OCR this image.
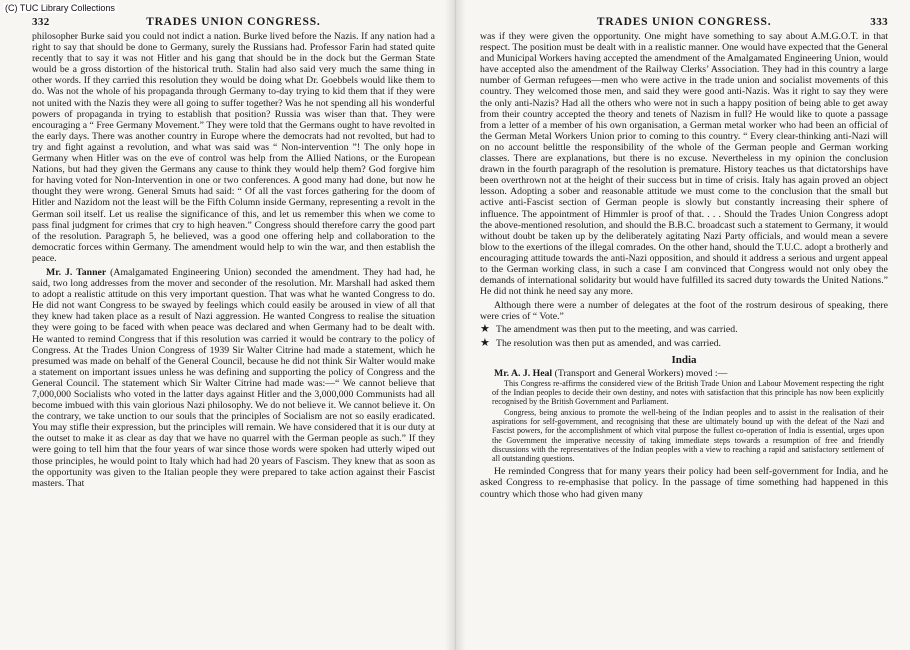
332	TRADES UNION CONGRESS.

philosopher Burke said you could not indict a nation. Burke lived before the Nazis. If any nation had a right to say that should be done to Germany, surely the Russians had. Professor Farin had stated quite recently that to say it was not Hitler and his gang that should be in the dock but the German State would be a gross distortion of the historical truth. Stalin had also said very much the same thing in other words. If they carried this resolution they would be doing what Dr. Goebbels would like them to do. Was not the whole of his propaganda through Germany to-day trying to kid them that if they were not united with the Nazis they were all going to suffer together? Was he not spending all his wonderful powers of propaganda in trying to establish that position? Russia was wiser than that. They were encouraging a “ Free Germany Movement.” They were told that the Germans ought to have revolted in the early days. There was another country in Europe where the democrats had not revolted, but had to try and fight against a revolution, and what was said was “ Non-intervention ”! The only hope in Germany when Hitler was on the eve of control was help from the Allied Nations, or the European Nations, but had they given the Germans any cause to think they would help them? God forgive him for having voted for Non-Intervention in one or two conferences. A good many had done, but now he thought they were wrong. General Smuts had said: “ Of all the vast forces gathering for the doom of Hitler and Nazidom not the least will be the Fifth Column inside Germany, representing a revolt in the German soil itself. Let us realise the significance of this, and let us remember this when we come to pass final judgment for crimes that cry to high heaven.” Congress should therefore carry the good part of the resolution. Paragraph 5, he believed, was a good one offering help and collaboration to the democratic forces within Germany. The amendment would help to win the war, and then establish the peace.

Mr. J. Tanner (Amalgamated Engineering Union) seconded the amendment. They had had, he said, two long addresses from the mover and seconder of the resolution. Mr. Marshall had asked them to adopt a realistic attitude on this very important question. That was what he wanted Congress to do. He did not want Congress to be swayed by feelings which could easily be aroused in view of all that they knew had taken place as a result of Nazi aggression. He wanted Congress to realise the situation they were going to be faced with when peace was declared and when Germany had to be dealt with. He wanted to remind Congress that if this resolution was carried it would be contrary to the policy of Congress. At the Trades Union Congress of 1939 Sir Walter Citrine had made a statement, which he presumed was made on behalf of the General Council, because he did not think Sir Walter would make a statement on important issues unless he was defining and supporting the policy of Congress and the General Council. The statement which Sir Walter Citrine had made was:—“ We cannot believe that 7,000,000 Socialists who voted in the latter days against Hitler and the 3,000,000 Communists had all become imbued with this vain glorious Nazi philosophy. We do not believe it. We cannot believe it. On the contrary, we take unction to our souls that the principles of Socialism are not so easily eradicated. You may stifle their expression, but the principles will remain. We have considered that it is our duty at the outset to make it as clear as day that we have no quarrel with the German people as such.” If they were going to tell him that the four years of war since those words were spoken had utterly wiped out those principles, he would point to Italy which had had 20 years of Fascism. They knew that as soon as the opportunity was given to the Italian people they were prepared to take action against their Fascist masters. That

TRADES UNION CONGRESS.	333

was if they were given the opportunity. One might have something to say about A.M.G.O.T. in that respect. The position must be dealt with in a realistic manner. One would have expected that the General and Municipal Workers having accepted the amendment of the Amalgamated Engineering Union, would have accepted also the amendment of the Railway Clerks’ Association. They had in this country a large number of German refugees—men who were active in the trade union and socialist movements of this country. They welcomed those men, and said they were good anti-Nazis. Was it right to say they were the only anti-Nazis? Had all the others who were not in such a happy position of being able to get away from their country accepted the theory and tenets of Nazism in full? He would like to quote a passage from a letter of a member of his own organisation, a German metal worker who had been an official of the German Metal Workers Union prior to coming to this country. “ Every clear-thinking anti-Nazi will on no account belittle the responsibility of the whole of the German people and German working classes. There are explanations, but there is no excuse. Nevertheless in my opinion the conclusion drawn in the fourth paragraph of the resolution is premature. History teaches us that dictatorships have been overthrown not at the height of their success but in time of crisis. Italy has again proved an object lesson. Adopting a sober and reasonable attitude we must come to the conclusion that the small but active anti-Fascist section of German people is slowly but constantly increasing their sphere of influence. The appointment of Himmler is proof of that. . . . Should the Trades Union Congress adopt the above-mentioned resolution, and should the B.B.C. broadcast such a statement to Germany, it would without doubt be taken up by the deliberately agitating Nazi Party officials, and would mean a severe blow to the exertions of the illegal comrades. On the other hand, should the T.U.C. adopt a brotherly and encouraging attitude towards the anti-Nazi opposition, and should it address a serious and urgent appeal to the German working class, in such a case I am convinced that Congress would not only obey the demands of international solidarity but would have fulfilled its sacred duty towards the United Nations.” He did not think he need say any more.

Although there were a number of delegates at the foot of the rostrum desirous of speaking, there were cries of “ Vote.”

★ The amendment was then put to the meeting, and was carried.
★ The resolution was then put as amended, and was carried.
India

Mr. A. J. Heal (Transport and General Workers) moved :—

This Congress re-affirms the considered view of the British Trade Union and Labour Movement respecting the right of the Indian peoples to decide their own destiny, and notes with satisfaction that this principle has now been explicitly recognised by the British Government and Parliament.

Congress, being anxious to promote the well-being of the Indian peoples and to assist in the realisation of their aspirations for self-government, and recognising that these are ultimately bound up with the defeat of the Nazi and Fascist powers, for the accomplishment of which vital purpose the fullest co-operation of India is essential, urges upon the Government the imperative necessity of taking immediate steps towards a resumption of free and friendly discussions with the representatives of the Indian peoples with a view to reaching a rapid and satisfactory settlement of all outstanding questions.

He reminded Congress that for many years their policy had been self-government for India, and he asked Congress to re-emphasise that policy. In the passage of time something had happened in this country which those who had given many

(C) TUC Library Collections
